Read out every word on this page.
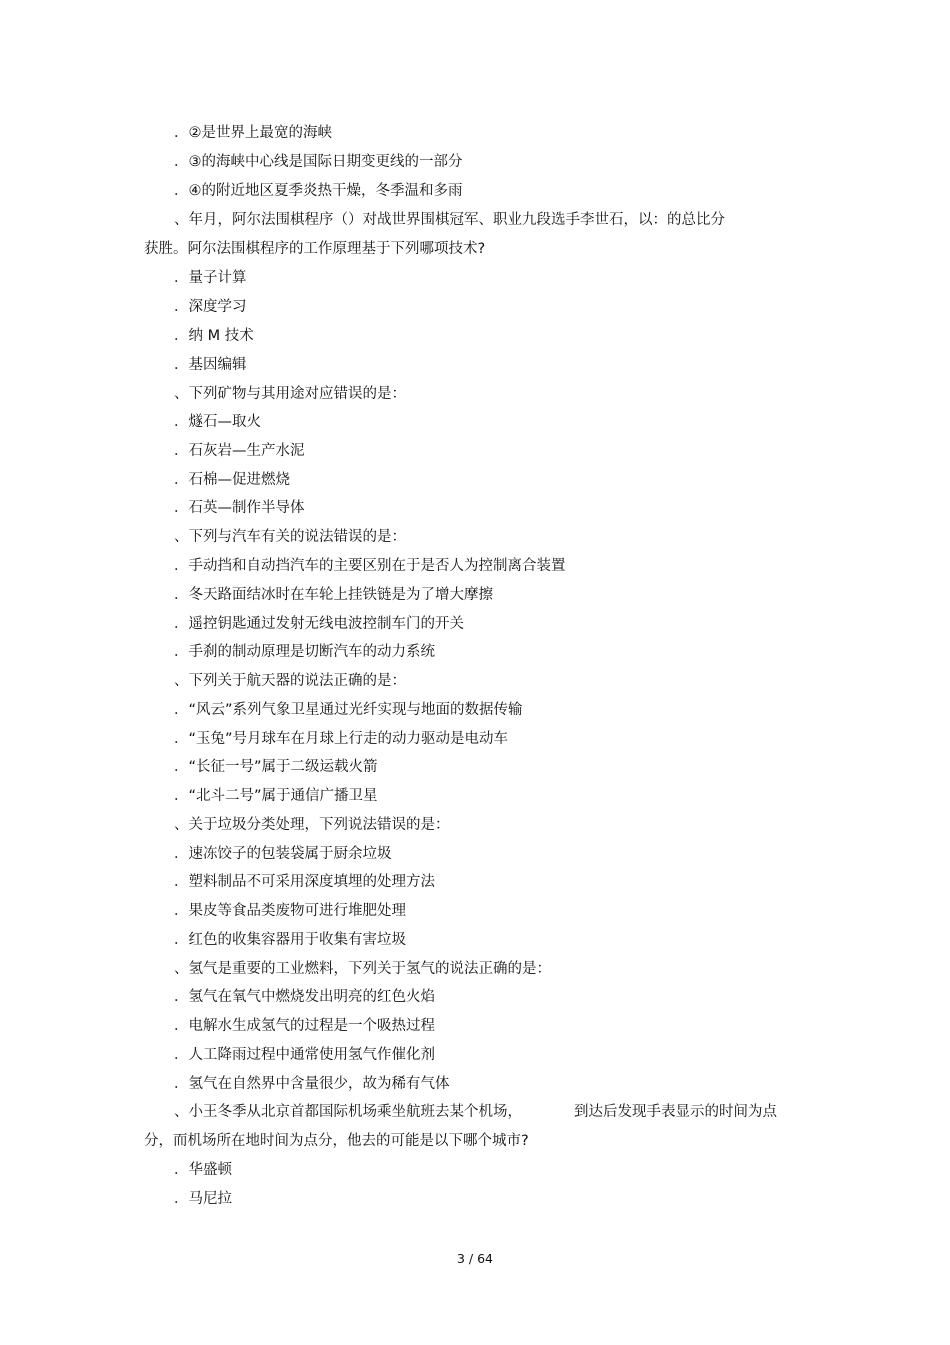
．②是世界上最宽的海峡
．③的海峡中心线是国际日期变更线的一部分
．④的附近地区夏季炎热干燥，冬季温和多雨
、年月，阿尔法围棋程序（）对战世界围棋冠军、职业九段选手李世石，以：的总比分
获胜。阿尔法围棋程序的工作原理基于下列哪项技术?
．量子计算
．深度学习
．纳 M 技术
．基因编辑
、下列矿物与其用途对应错误的是：
．燧石—取火
．石灰岩—生产水泥
．石棉—促进燃烧
．石英—制作半导体
、下列与汽车有关的说法错误的是：
．手动挡和自动挡汽车的主要区别在于是否人为控制离合装置
．冬天路面结冰时在车轮上挂铁链是为了增大摩擦
．遥控钥匙通过发射无线电波控制车门的开关
．手刹的制动原理是切断汽车的动力系统
、下列关于航天器的说法正确的是：
．“风云”系列气象卫星通过光纤实现与地面的数据传输
．“玉兔”号月球车在月球上行走的动力驱动是电动车
．“长征一号”属于二级运载火箭
．“北斗二号”属于通信广播卫星
、关于垃圾分类处理，下列说法错误的是：
．速冻饺子的包装袋属于厨余垃圾
．塑料制品不可采用深度填埋的处理方法
．果皮等食品类废物可进行堆肥处理
．红色的收集容器用于收集有害垃圾
、氢气是重要的工业燃料，下列关于氢气的说法正确的是：
．氢气在氧气中燃烧发出明亮的红色火焰
．电解水生成氢气的过程是一个吸热过程
．人工降雨过程中通常使用氢气作催化剂
．氢气在自然界中含量很少，故为稀有气体
、小王冬季从北京首都国际机场乘坐航班去某个机场，	到达后发现手表显示的时间为点
分，而机场所在地时间为点分，他去的可能是以下哪个城市?
．华盛顿
．马尼拉
3 / 64
